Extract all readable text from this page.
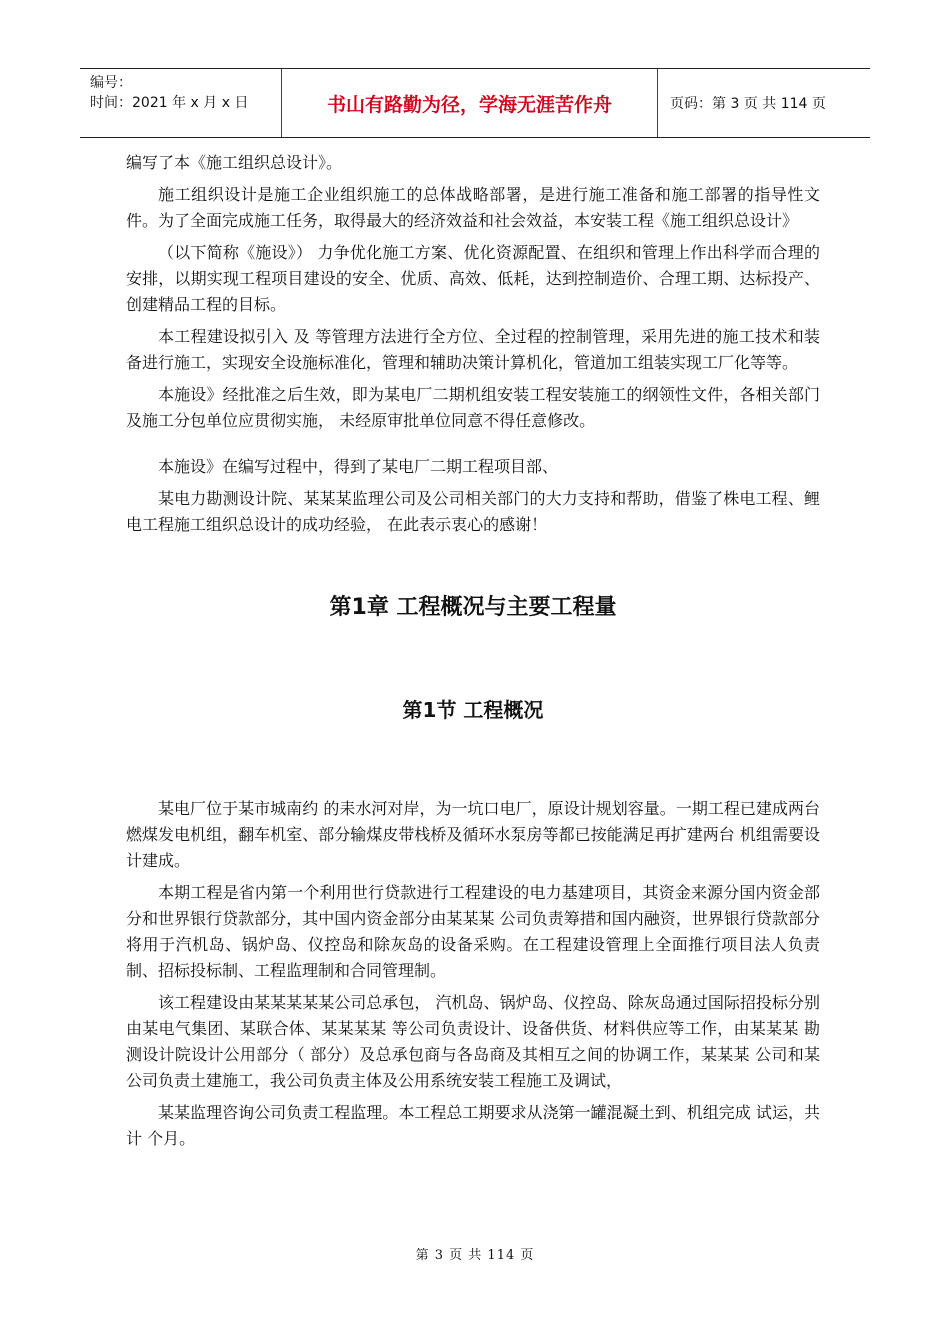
编号：
时间：2021 年 x 月 x 日	书山有路勤为径，学海无涯苦作舟	页码：第 3 页 共 114 页

编写了本《施工组织总设计》。

施工组织设计是施工企业组织施工的总体战略部署，是进行施工准备和施工部署的指导性文件。为了全面完成施工任务，取得最大的经济效益和社会效益，本安装工程《施工组织总设计》

（以下简称《施设》） 力争优化施工方案、优化资源配置、在组织和管理上作出科学而合理的安排，以期实现工程项目建设的安全、优质、高效、低耗，达到控制造价、合理工期、达标投产、创建精品工程的目标。

本工程建设拟引入 及 等管理方法进行全方位、全过程的控制管理，采用先进的施工技术和装备进行施工，实现安全设施标准化，管理和辅助决策计算机化，管道加工组装实现工厂化等等。

本施设》经批准之后生效，即为某电厂二期机组安装工程安装施工的纲领性文件，各相关部门及施工分包单位应贯彻实施， 未经原审批单位同意不得任意修改。

本施设》在编写过程中，得到了某电厂二期工程项目部、

某电力勘测设计院、某某某监理公司及公司相关部门的大力支持和帮助，借鉴了株电工程、鲤电工程施工组织总设计的成功经验， 在此表示衷心的感谢！

第1章 工程概况与主要工程量
第1节 工程概况

某电厂位于某市城南约 的耒水河对岸，为一坑口电厂，原设计规划容量。一期工程已建成两台 燃煤发电机组，翻车机室、部分输煤皮带栈桥及循环水泵房等都已按能满足再扩建两台 机组需要设计建成。

本期工程是省内第一个利用世行贷款进行工程建设的电力基建项目，其资金来源分国内资金部分和世界银行贷款部分，其中国内资金部分由某某某 公司负责筹措和国内融资，世界银行贷款部分将用于汽机岛、锅炉岛、仪控岛和除灰岛的设备采购。在工程建设管理上全面推行项目法人负责制、招标投标制、工程监理制和合同管理制。

该工程建设由某某某某某公司总承包， 汽机岛、锅炉岛、仪控岛、除灰岛通过国际招投标分别由某电气集团、某联合体、某某某某 等公司负责设计、设备供货、材料供应等工作，由某某某 勘测设计院设计公用部分（ 部分）及总承包商与各岛商及其相互之间的协调工作，某某某 公司和某公司负责土建施工，我公司负责主体及公用系统安装工程施工及调试，

某某监理咨询公司负责工程监理。本工程总工期要求从浇第一罐混凝土到、机组完成 试运，共计 个月。

第 3 页 共 114 页
